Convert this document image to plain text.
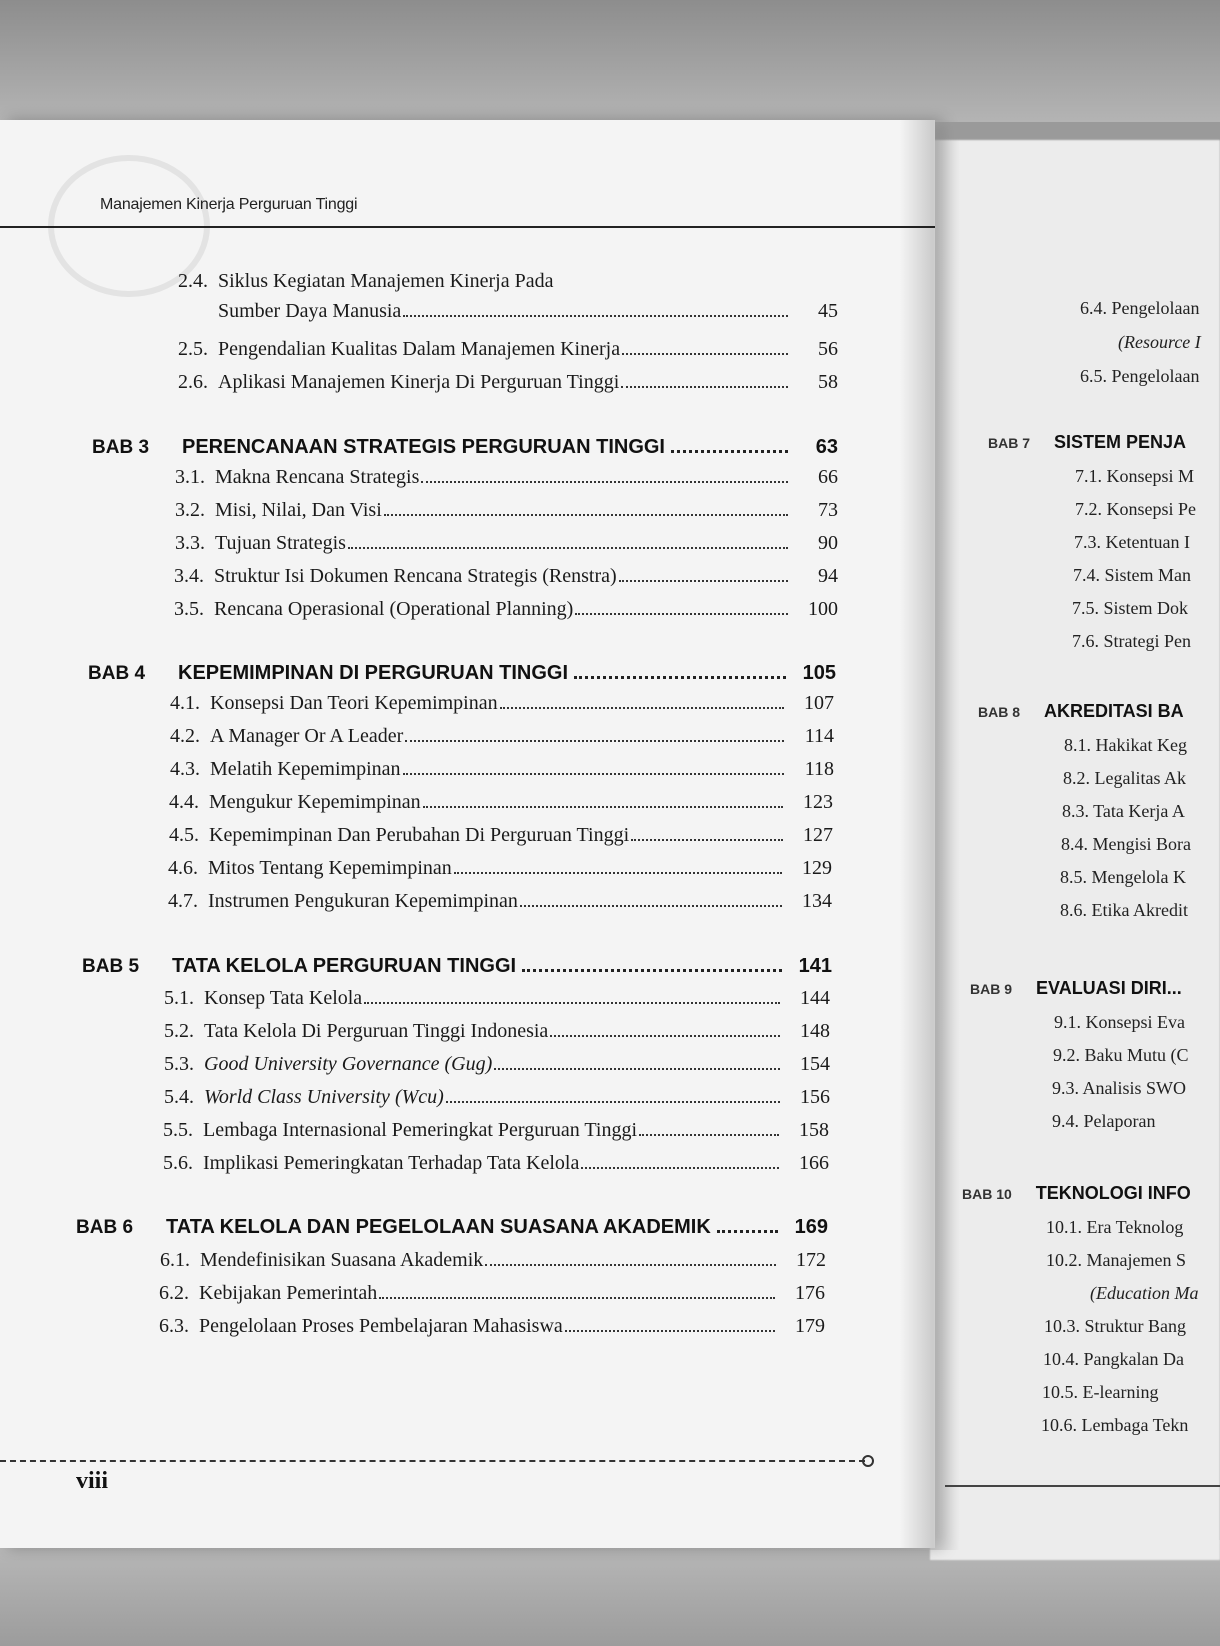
Manajemen Kinerja Perguruan Tinggi
2.4. Siklus Kegiatan Manajemen Kinerja Pada
Sumber Daya Manusia	45
2.5. Pengendalian Kualitas Dalam Manajemen Kinerja	56
2.6. Aplikasi Manajemen Kinerja Di Perguruan Tinggi	58
BAB 3	PERENCANAAN STRATEGIS PERGURUAN TINGGI	63
3.1. Makna Rencana Strategis	66
3.2. Misi, Nilai, Dan Visi	73
3.3. Tujuan Strategis	90
3.4. Struktur Isi Dokumen Rencana Strategis (Renstra)	94
3.5. Rencana Operasional (Operational Planning)	100
BAB 4	KEPEMIMPINAN DI PERGURUAN TINGGI	105
4.1. Konsepsi Dan Teori Kepemimpinan	107
4.2. A Manager Or A Leader	114
4.3. Melatih Kepemimpinan	118
4.4. Mengukur Kepemimpinan	123
4.5. Kepemimpinan Dan Perubahan Di Perguruan Tinggi	127
4.6. Mitos Tentang Kepemimpinan	129
4.7. Instrumen Pengukuran Kepemimpinan	134
BAB 5	TATA KELOLA PERGURUAN TINGGI	141
5.1. Konsep Tata Kelola	144
5.2. Tata Kelola Di Perguruan Tinggi Indonesia	148
5.3. Good University Governance (Gug)	154
5.4. World Class University (Wcu)	156
5.5. Lembaga Internasional Pemeringkat Perguruan Tinggi	158
5.6. Implikasi Pemeringkatan Terhadap Tata Kelola	166
BAB 6	TATA KELOLA DAN PEGELOLAAN SUASANA AKADEMIK	169
6.1. Mendefinisikan Suasana Akademik	172
6.2. Kebijakan Pemerintah	176
6.3. Pengelolaan Proses Pembelajaran Mahasiswa	179
viii
6.4. Pengelolaan
(Resource I
6.5. Pengelolaan
BAB 7 SISTEM PENJA
7.1. Konsepsi M
7.2. Konsepsi Pe
7.3. Ketentuan I
7.4. Sistem Man
7.5. Sistem Dok
7.6. Strategi Pen
BAB 8 AKREDITASI BA
8.1. Hakikat Keg
8.2. Legalitas Ak
8.3. Tata Kerja A
8.4. Mengisi Bora
8.5. Mengelola K
8.6. Etika Akredit
BAB 9 EVALUASI DIRI...
9.1. Konsepsi Eva
9.2. Baku Mutu (C
9.3. Analisis SWO
9.4. Pelaporan
BAB 10 TEKNOLOGI INFO
10.1. Era Teknolog
10.2. Manajemen S
(Education Ma
10.3. Struktur Bang
10.4. Pangkalan Da
10.5. E-learning
10.6. Lembaga Tekn
